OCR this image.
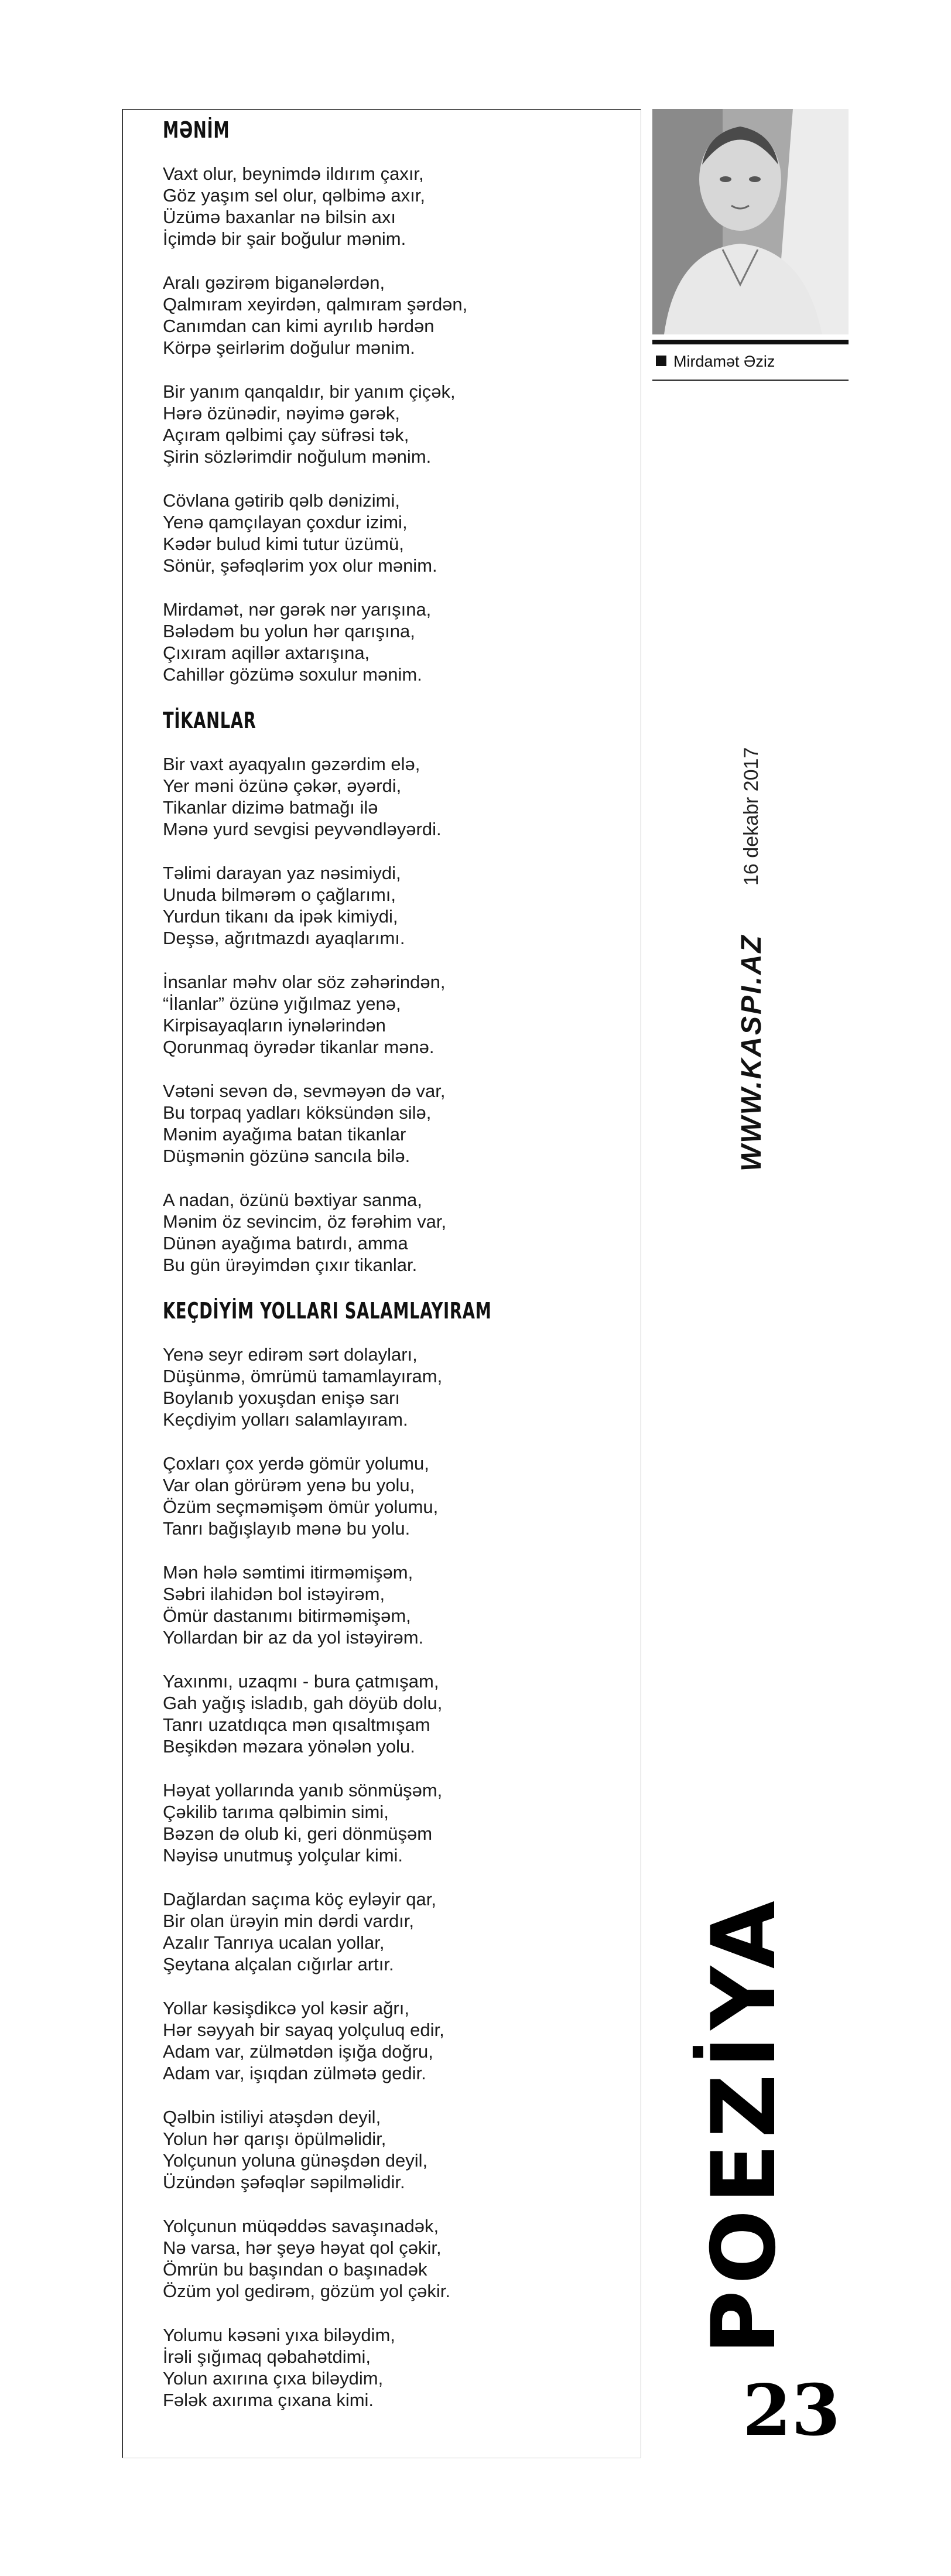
MƏNİM
Vaxt olur, beynimdə ildırım çaxır,
Göz yaşım sel olur, qəlbimə axır,
Üzümə baxanlar nə bilsin axı
İçimdə bir şair boğulur mənim.
Aralı gəzirəm biganələrdən,
Qalmıram xeyirdən, qalmıram şərdən,
Canımdan can kimi ayrılıb hərdən
Körpə şeirlərim doğulur mənim.
Bir yanım qanqaldır, bir yanım çiçək,
Hərə özünədir, nəyimə gərək,
Açıram qəlbimi çay süfrəsi tək,
Şirin sözlərimdir noğulum mənim.
Cövlana gətirib qəlb dənizimi,
Yenə qamçılayan çoxdur izimi,
Kədər bulud kimi tutur üzümü,
Sönür, şəfəqlərim yox olur mənim.
Mirdamət, nər gərək nər yarışına,
Bələdəm bu yolun hər qarışına,
Çıxıram aqillər axtarışına,
Cahillər gözümə soxulur mənim.
TİKANLAR
Bir vaxt ayaqyalın gəzərdim elə,
Yer məni özünə çəkər, əyərdi,
Tikanlar dizimə batmağı ilə
Mənə yurd sevgisi peyvəndləyərdi.
Təlimi darayan yaz nəsimiydi,
Unuda bilmərəm o çağlarımı,
Yurdun tikanı da ipək kimiydi,
Deşsə, ağrıtmazdı ayaqlarımı.
İnsanlar məhv olar söz zəhərindən,
“İlanlar” özünə yığılmaz yenə,
Kirpisayaqların iynələrindən
Qorunmaq öyrədər tikanlar mənə.
Vətəni sevən də, sevməyən də var,
Bu torpaq yadları köksündən silə,
Mənim ayağıma batan tikanlar
Düşmənin gözünə sancıla bilə.
A nadan, özünü bəxtiyar sanma,
Mənim öz sevincim, öz fərəhim var,
Dünən ayağıma batırdı, amma
Bu gün ürəyimdən çıxır tikanlar.
KEÇDİYİM YOLLARI SALAMLAYIRAM
Yenə seyr edirəm sərt dolayları,
Düşünmə, ömrümü tamamlayıram,
Boylanıb yoxuşdan enişə sarı
Keçdiyim yolları salamlayıram.
Çoxları çox yerdə gömür yolumu,
Var olan görürəm yenə bu yolu,
Özüm seçməmişəm ömür yolumu,
Tanrı bağışlayıb mənə bu yolu.
Mən hələ səmtimi itirməmişəm,
Səbri ilahidən bol istəyirəm,
Ömür dastanımı bitirməmişəm,
Yollardan bir az da yol istəyirəm.
Yaxınmı, uzaqmı - bura çatmışam,
Gah yağış isladıb, gah döyüb dolu,
Tanrı uzatdıqca mən qısaltmışam
Beşikdən məzara yönələn yolu.
Həyat yollarında yanıb sönmüşəm,
Çəkilib tarıma qəlbimin simi,
Bəzən də olub ki, geri dönmüşəm
Nəyisə unutmuş yolçular kimi.
Dağlardan saçıma köç eyləyir qar,
Bir olan ürəyin min dərdi vardır,
Azalır Tanrıya ucalan yollar,
Şeytana alçalan cığırlar artır.
Yollar kəsişdikcə yol kəsir ağrı,
Hər səyyah bir sayaq yolçuluq edir,
Adam var, zülmətdən işığa doğru,
Adam var, işıqdan zülmətə gedir.
Qəlbin istiliyi atəşdən deyil,
Yolun hər qarışı öpülməlidir,
Yolçunun yoluna günəşdən deyil,
Üzündən şəfəqlər səpilməlidir.
Yolçunun müqəddəs savaşınadək,
Nə varsa, hər şeyə həyat qol çəkir,
Ömrün bu başından o başınadək
Özüm yol gedirəm, gözüm yol çəkir.
Yolumu kəsəni yıxa biləydim,
İrəli şığımaq qəbahətdimi,
Yolun axırına çıxa biləydim,
Fələk axırıma çıxana kimi.
Mirdamət Əziz
16 dekabr 2017
WWW.KASPI.AZ
POEZİYA
23
